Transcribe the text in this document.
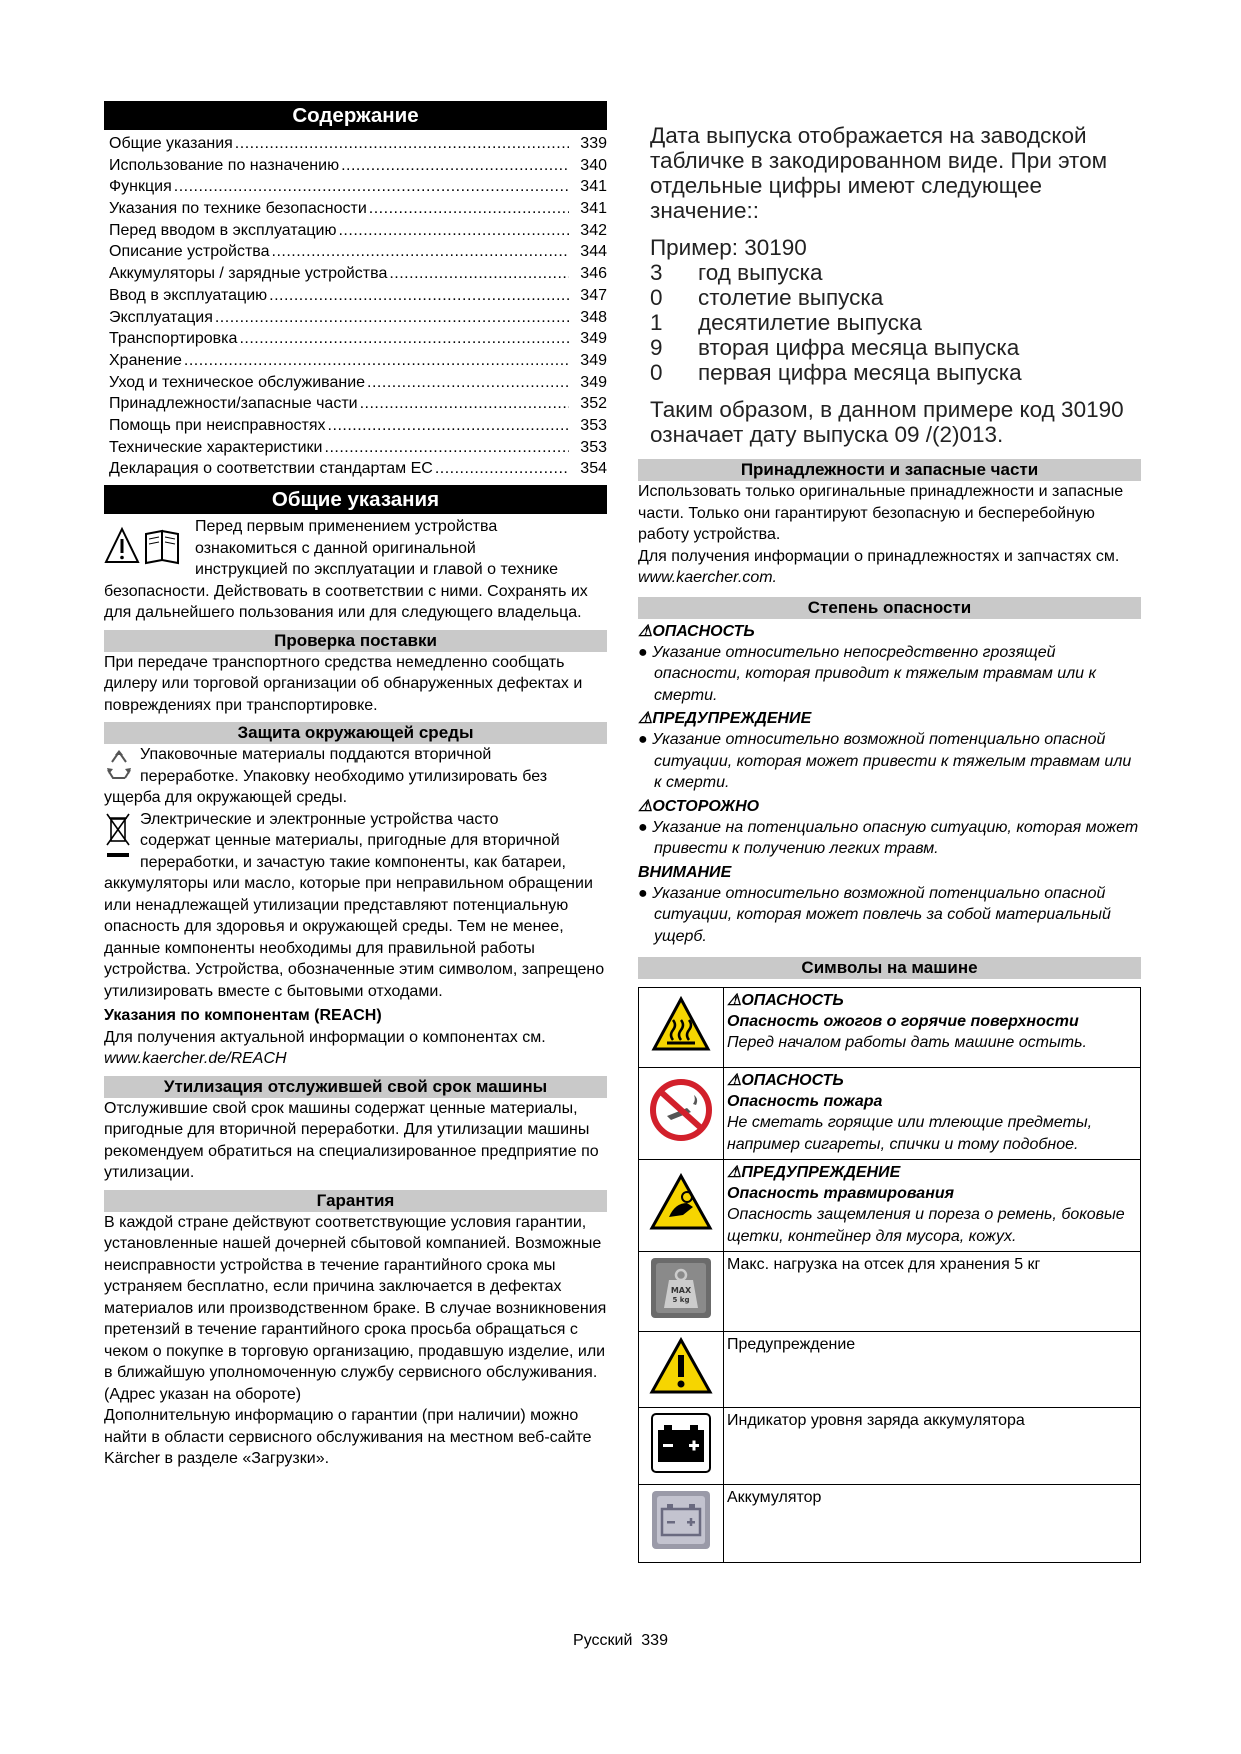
Содержание
Общие указания .....	339
Использование по назначению .....	340
Функция .....	341
Указания по технике безопасности .....	341
Перед вводом в эксплуатацию .....	342
Описание устройства .....	344
Аккумуляторы / зарядные устройства .....	346
Ввод в эксплуатацию .....	347
Эксплуатация .....	348
Транспортировка .....	349
Хранение .....	349
Уход и техническое обслуживание .....	349
Принадлежности/запасные части .....	352
Помощь при неисправностях .....	353
Технические характеристики .....	353
Декларация о соответствии стандартам ЕС .....	354
Общие указания

Перед первым применением устройства

ознакомиться с данной оригинальной

инструкцией по эксплуатации и главой о технике

безопасности. Действовать в соответствии с ними. Сохранять их для дальнейшего пользования или для следующего владельца.

Проверка поставки

При передаче транспортного средства немедленно сообщать дилеру или торговой организации об обнаруженных дефектах и повреждениях при транспортировке.

Защита окружающей среды

Упаковочные материалы поддаются вторичной

переработке. Упаковку необходимо утилизировать без

ущерба для окружающей среды.

Электрические и электронные устройства часто

содержат ценные материалы, пригодные для вторичной

переработки, и зачастую такие компоненты, как батареи,

аккумуляторы или масло, которые при неправильном обращении или ненадлежащей утилизации представляют потенциальную опасность для здоровья и окружающей среды. Тем не менее, данные компоненты необходимы для правильной работы устройства. Устройства, обозначенные этим символом, запрещено утилизировать вместе с бытовыми отходами.

Указания по компонентам (REACH)

Для получения актуальной информации о компонентах см.

www.kaercher.de/REACH

Утилизация отслужившей свой срок машины

Отслужившие свой срок машины содержат ценные материалы, пригодные для вторичной переработки. Для утилизации машины рекомендуем обратиться на специализированное предприятие по утилизации.

Гарантия

В каждой стране действуют соответствующие условия гарантии, установленные нашей дочерней сбытовой компанией. Возможные неисправности устройства в течение гарантийного срока мы устраняем бесплатно, если причина заключается в дефектах материалов или производственном браке. В случае возникновения претензий в течение гарантийного срока просьба обращаться с чеком о покупке в торговую организацию, продавшую изделие, или в ближайшую уполномоченную службу сервисного обслуживания.

(Адрес указан на обороте)

Дополнительную информацию о гарантии (при наличии) можно найти в области сервисного обслуживания на местном веб-сайте Kärcher в разделе «Загрузки».

Дата выпуска отображается на заводской табличке в закодированном виде. При этом отдельные цифры имеют следующее значение::
Пример: 30190
3	год выпуска
0	столетие выпуска
1	десятилетие выпуска
9	вторая цифра месяца выпуска
0	первая цифра месяца выпуска
Таким образом, в данном примере код 30190 означает дату выпуска 09 /(2)013.
Принадлежности и запасные части

Использовать только оригинальные принадлежности и запасные части. Только они гарантируют безопасную и бесперебойную работу устройства.

Для получения информации о принадлежностях и запчастях см. www.kaercher.com.

Степень опасности
⚠ОПАСНОСТЬ
● Указание относительно непосредственно грозящей опасности, которая приводит к тяжелым травмам или к смерти.
⚠ПРЕДУПРЕЖДЕНИЕ
● Указание относительно возможной потенциально опасной ситуации, которая может привести к тяжелым травмам или к смерти.
⚠ОСТОРОЖНО
● Указание на потенциально опасную ситуацию, которая может привести к получению легких травм.
ВНИМАНИЕ
● Указание относительно возможной потенциально опасной ситуации, которая может повлечь за собой материальный ущерб.
Символы на машине

⚠ОПАСНОСТЬ
Опасность ожогов о горячие поверхности
Перед началом работы дать машине остыть.

⚠ОПАСНОСТЬ
Опасность пожара
Не сметать горящие или тлеющие предметы, например сигареты, спички и тому подобное.

⚠ПРЕДУПРЕЖДЕНИЕ
Опасность травмирования
Опасность защемления и пореза о ремень, боковые щетки, контейнер для мусора, кожух.

MAX
5 kg	Макс. нагрузка на отсек для хранения 5 кг
	Предупреждение
	Индикатор уровня заряда аккумулятора
	Аккумулятор
Русский 339
